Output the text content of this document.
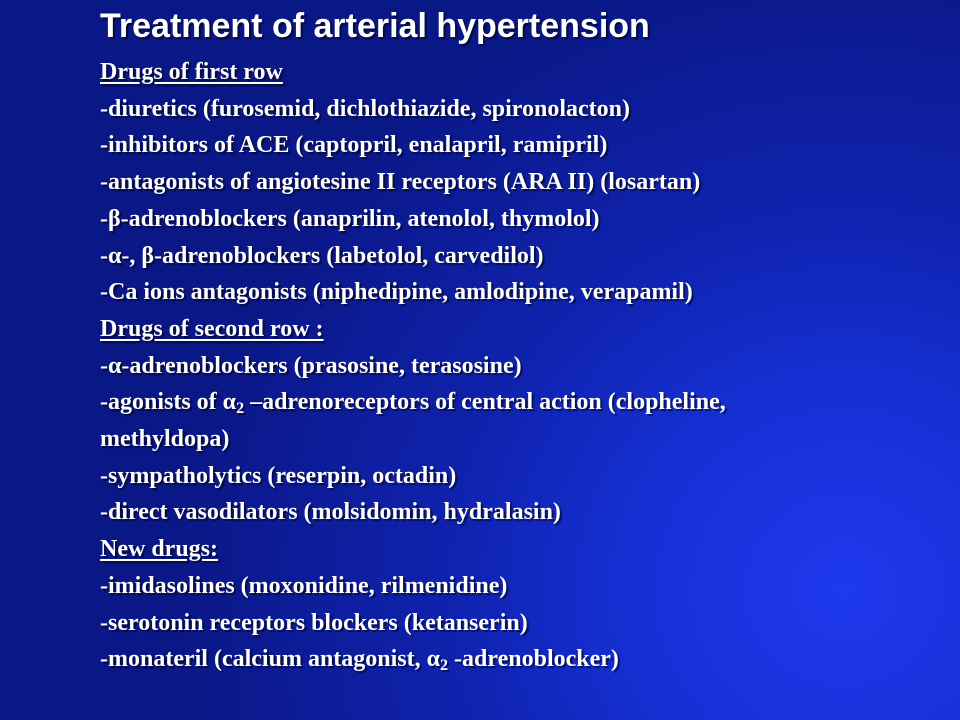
Treatment of arterial hypertension

Drugs of first row

-diuretics (furosemid, dichlothiazide, spironolacton)

-inhibitors of ACE (captopril, enalapril, ramipril)

-antagonists of angiotesine II receptors (ARA II) (losartan)

-β-adrenoblockers (anaprilin, atenolol, thymolol)

-α-, β-adrenoblockers (labetolol, carvedilol)

-Ca ions antagonists (niphedipine, amlodipine, verapamil)

Drugs of second row :

-α-adrenoblockers (prasosine, terasosine)

-agonists of $\alpha_2$ –adrenoreceptors of central action (clopheline,

methyldopa)

-sympatholytics (reserpin, octadin)

-direct vasodilators (molsidomin, hydralasin)

New drugs:

-imidasolines (moxonidine, rilmenidine)

-serotonin receptors blockers (ketanserin)

-monateril (calcium antagonist, $\alpha_2$ -adrenoblocker)
